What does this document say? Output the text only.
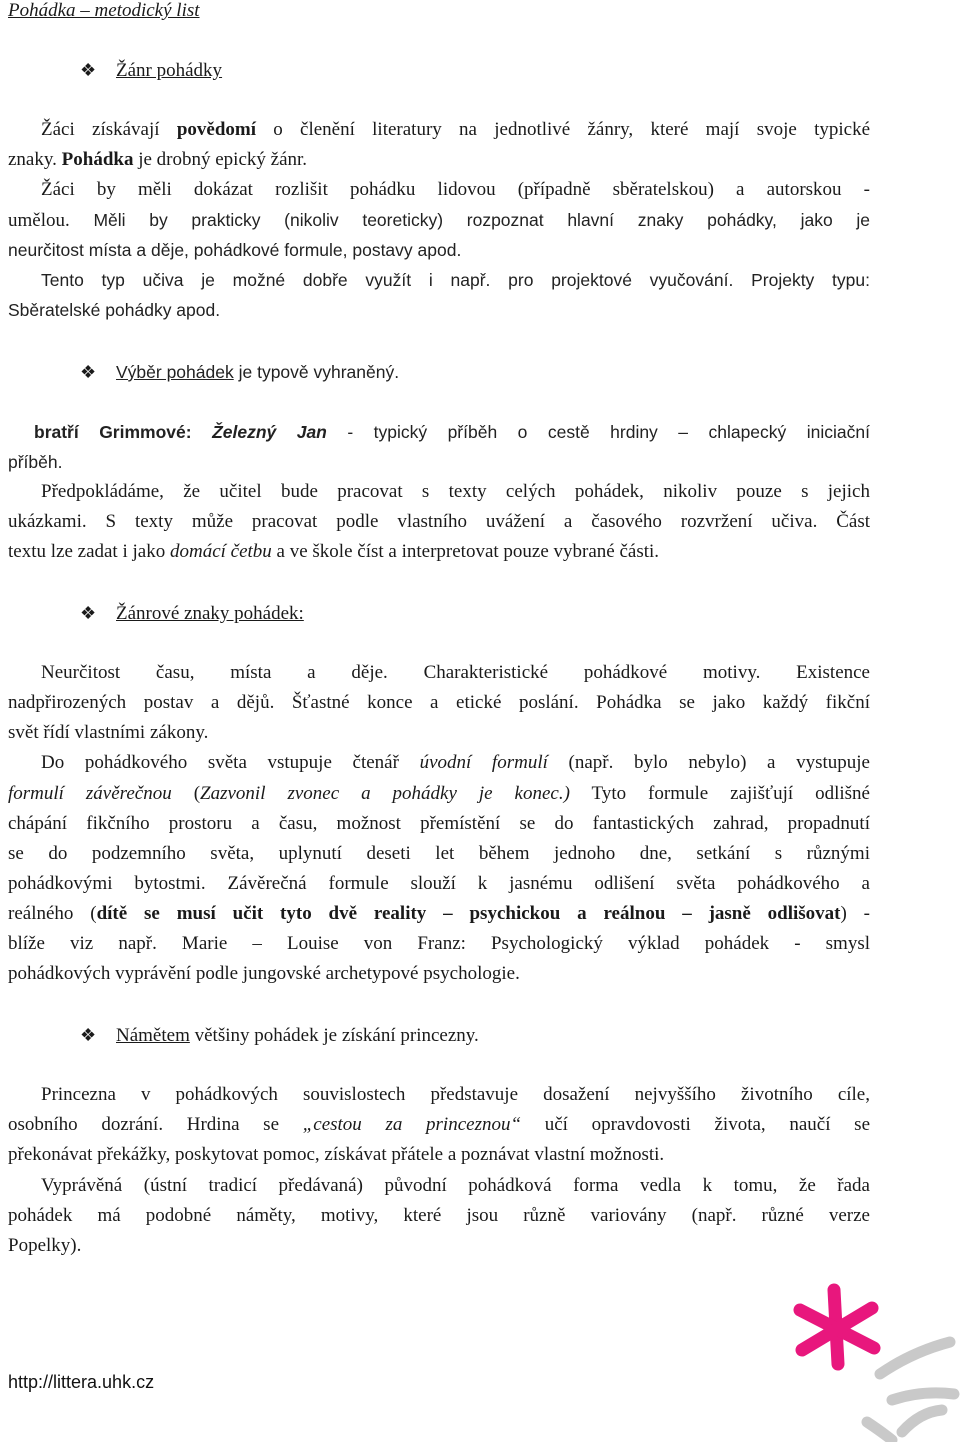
Pohádka – metodický list
❖ Žánr pohádky
Žáci získávají povědomí o členění literatury na jednotlivé žánry, které mají svoje typické
znaky. Pohádka je drobný epický žánr.
Žáci by měli dokázat rozlišit pohádku lidovou (případně sběratelskou) a autorskou -
umělou. Měli by prakticky (nikoliv teoreticky) rozpoznat hlavní znaky pohádky, jako je
neurčitost místa a děje, pohádkové formule, postavy apod.
Tento typ učiva je možné dobře využít i např. pro projektové vyučování. Projekty typu:
Sběratelské pohádky apod.
❖ Výběr pohádek je typově vyhraněný.
bratří Grimmové: Železný Jan - typický příběh o cestě hrdiny – chlapecký iniciační
příběh.
Předpokládáme, že učitel bude pracovat s texty celých pohádek, nikoliv pouze s jejich
ukázkami. S texty může pracovat podle vlastního uvážení a časového rozvržení učiva. Část
textu lze zadat i jako domácí četbu a ve škole číst a interpretovat pouze vybrané části.
❖ Žánrové znaky pohádek:
Neurčitost času, místa a děje. Charakteristické pohádkové motivy. Existence
nadpřirozených postav a dějů. Šťastné konce a etické poslání. Pohádka se jako každý fikční
svět řídí vlastními zákony.
Do pohádkového světa vstupuje čtenář úvodní formulí (např. bylo nebylo) a vystupuje
formulí závěrečnou (Zazvonil zvonec a pohádky je konec.) Tyto formule zajišťují odlišné
chápání fikčního prostoru a času, možnost přemístění se do fantastických zahrad, propadnutí
se do podzemního světa, uplynutí deseti let během jednoho dne, setkání s různými
pohádkovými bytostmi. Závěrečná formule slouží k jasnému odlišení světa pohádkového a
reálného (dítě se musí učit tyto dvě reality – psychickou a reálnou – jasně odlišovat) -
blíže viz např. Marie – Louise von Franz: Psychologický výklad pohádek - smysl
pohádkových vyprávění podle jungovské archetypové psychologie.
❖ Námětem většiny pohádek je získání princezny.
Princezna v pohádkových souvislostech představuje dosažení nejvyššího životního cíle,
osobního dozrání. Hrdina se „cestou za princeznou“ učí opravdovosti života, naučí se
překonávat překážky, poskytovat pomoc, získávat přátele a poznávat vlastní možnosti.
Vyprávěná (ústní tradicí předávaná) původní pohádková forma vedla k tomu, že řada
pohádek má podobné náměty, motivy, které jsou různě variovány (např. různé verze
Popelky).
http://littera.uhk.cz
